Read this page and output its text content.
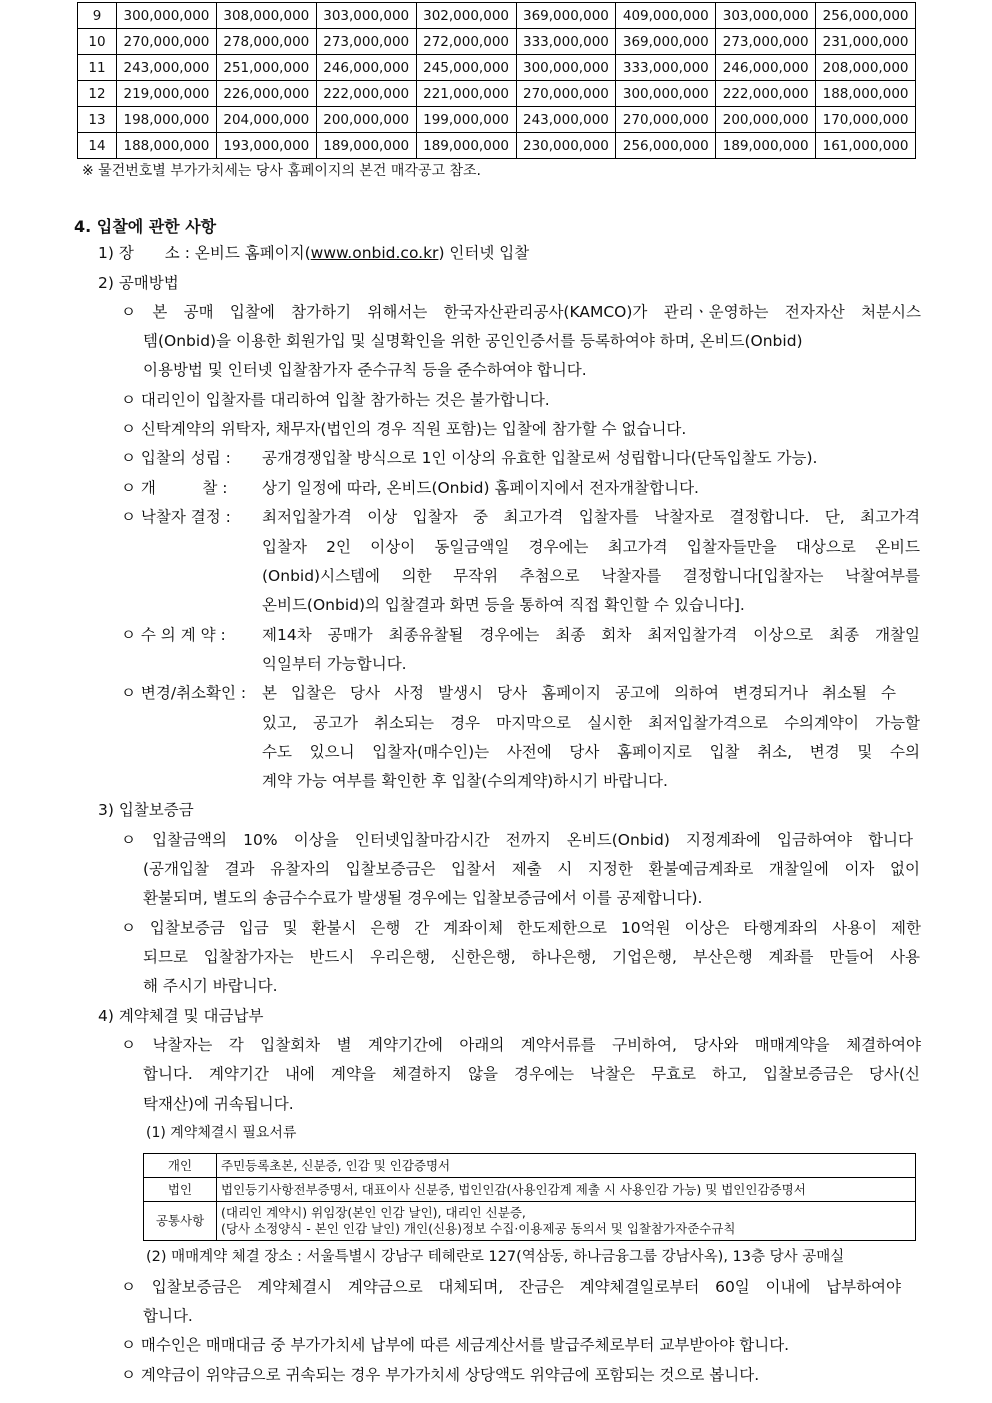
9	300,000,000	308,000,000	303,000,000	302,000,000	369,000,000	409,000,000	303,000,000	256,000,000
10	270,000,000	278,000,000	273,000,000	272,000,000	333,000,000	369,000,000	273,000,000	231,000,000
11	243,000,000	251,000,000	246,000,000	245,000,000	300,000,000	333,000,000	246,000,000	208,000,000
12	219,000,000	226,000,000	222,000,000	221,000,000	270,000,000	300,000,000	222,000,000	188,000,000
13	198,000,000	204,000,000	200,000,000	199,000,000	243,000,000	270,000,000	200,000,000	170,000,000
14	188,000,000	193,000,000	189,000,000	189,000,000	230,000,000	256,000,000	189,000,000	161,000,000
※ 물건번호별 부가가치세는 당사 홈페이지의 본건 매각공고 참조.
4. 입찰에 관한 사항
1) 장　　소 : 온비드 홈페이지(www.onbid.co.kr) 인터넷 입찰
2) 공매방법
ㅇ 본 공매 입찰에 참가하기 위해서는 한국자산관리공사(KAMCO)가 관리ㆍ운영하는 전자자산 처분시스
템(Onbid)을 이용한 회원가입 및 실명확인을 위한 공인인증서를 등록하여야 하며, 온비드(Onbid)
이용방법 및 인터넷 입찰참가자 준수규칙 등을 준수하여야 합니다.
ㅇ 대리인이 입찰자를 대리하여 입찰 참가하는 것은 불가합니다.
ㅇ 신탁계약의 위탁자, 채무자(법인의 경우 직원 포함)는 입찰에 참가할 수 없습니다.
ㅇ 입찰의 성립 : 공개경쟁입찰 방식으로 1인 이상의 유효한 입찰로써 성립합니다(단독입찰도 가능).
ㅇ 개　　　찰 : 상기 일정에 따라, 온비드(Onbid) 홈페이지에서 전자개찰합니다.
ㅇ 낙찰자 결정 : 최저입찰가격 이상 입찰자 중 최고가격 입찰자를 낙찰자로 결정합니다. 단, 최고가격
입찰자 2인 이상이 동일금액일 경우에는 최고가격 입찰자들만을 대상으로 온비드
(Onbid)시스템에 의한 무작위 추첨으로 낙찰자를 결정합니다[입찰자는 낙찰여부를
온비드(Onbid)의 입찰결과 화면 등을 통하여 직접 확인할 수 있습니다].
ㅇ 수 의 계 약 : 제14차 공매가 최종유찰될 경우에는 최종 회차 최저입찰가격 이상으로 최종 개찰일
익일부터 가능합니다.
ㅇ 변경/취소확인 : 본 입찰은 당사 사정 발생시 당사 홈페이지 공고에 의하여 변경되거나 취소될 수
있고, 공고가 취소되는 경우 마지막으로 실시한 최저입찰가격으로 수의계약이 가능할
수도 있으니 입찰자(매수인)는 사전에 당사 홈페이지로 입찰 취소, 변경 및 수의
계약 가능 여부를 확인한 후 입찰(수의계약)하시기 바랍니다.
3) 입찰보증금
ㅇ 입찰금액의 10% 이상을 인터넷입찰마감시간 전까지 온비드(Onbid) 지정계좌에 입금하여야 합니다
(공개입찰 결과 유찰자의 입찰보증금은 입찰서 제출 시 지정한 환불예금계좌로 개찰일에 이자 없이
환불되며, 별도의 송금수수료가 발생될 경우에는 입찰보증금에서 이를 공제합니다).
ㅇ 입찰보증금 입금 및 환불시 은행 간 계좌이체 한도제한으로 10억원 이상은 타행계좌의 사용이 제한
되므로 입찰참가자는 반드시 우리은행, 신한은행, 하나은행, 기업은행, 부산은행 계좌를 만들어 사용
해 주시기 바랍니다.
4) 계약체결 및 대금납부
ㅇ 낙찰자는 각 입찰회차 별 계약기간에 아래의 계약서류를 구비하여, 당사와 매매계약을 체결하여야
합니다. 계약기간 내에 계약을 체결하지 않을 경우에는 낙찰은 무효로 하고, 입찰보증금은 당사(신
탁재산)에 귀속됩니다.
(1) 계약체결시 필요서류
개인	주민등록초본, 신분증, 인감 및 인감증명서

법인	법인등기사항전부증명서, 대표이사 신분증, 법인인감(사용인감계 제출 시 사용인감 가능) 및 법인인감증명서

공통사항	(대리인 계약시) 위임장(본인 인감 날인), 대리인 신분증,
(당사 소정양식 - 본인 인감 날인) 개인(신용)정보 수집·이용제공 동의서 및 입찰참가자준수규칙
(2) 매매계약 체결 장소 : 서울특별시 강남구 테헤란로 127(역삼동, 하나금융그룹 강남사옥), 13층 당사 공매실
ㅇ 입찰보증금은 계약체결시 계약금으로 대체되며, 잔금은 계약체결일로부터 60일 이내에 납부하여야
합니다.
ㅇ 매수인은 매매대금 중 부가가치세 납부에 따른 세금계산서를 발급주체로부터 교부받아야 합니다.
ㅇ 계약금이 위약금으로 귀속되는 경우 부가가치세 상당액도 위약금에 포함되는 것으로 봅니다.
